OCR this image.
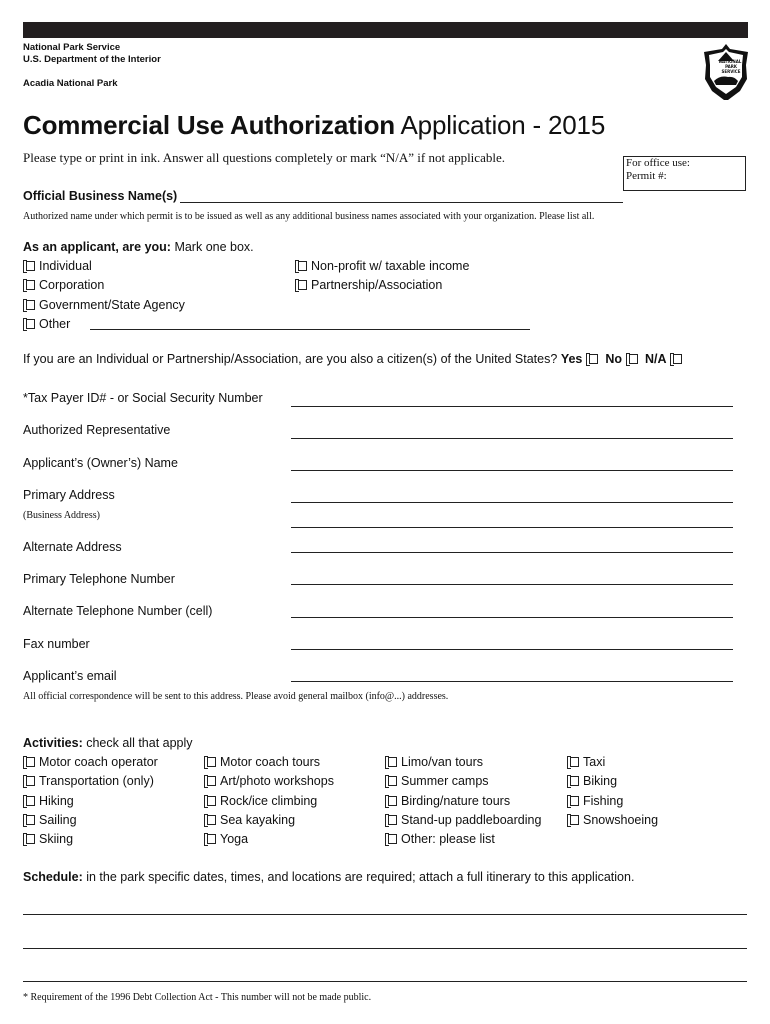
National Park Service
U.S. Department of the Interior
Acadia National Park
NATIONAL
PARK
SERVICE
Commercial Use Authorization Application - 2015
Please type or print in ink. Answer all questions completely or mark “N/A” if not applicable.	For office use:
Permit #:
Official Business Name(s)
Authorized name under which permit is to be issued as well as any additional business names associated with your organization. Please list all.
As an applicant, are you: Mark one box.
Individual
Corporation
Government/State Agency
Other
Non-profit w/ taxable income
Partnership/Association
If you are an Individual or Partnership/Association, are you also a citizen(s) of the United States? Yes No N/A
*Tax Payer ID# - or Social Security Number
Authorized Representative
Applicant’s (Owner’s) Name
Primary Address
(Business Address)
Alternate Address
Primary Telephone Number
Alternate Telephone Number (cell)
Fax number
Applicant’s email
All official correspondence will be sent to this address. Please avoid general mailbox (info@...) addresses.
Activities: check all that apply
Motor coach operator
Transportation (only)
Hiking
Sailing
Skiing
Motor coach tours
Art/photo workshops
Rock/ice climbing
Sea kayaking
Yoga
Limo/van tours
Summer camps
Birding/nature tours
Stand-up paddleboarding
Other: please list
Taxi
Biking
Fishing
Snowshoeing
Schedule: in the park specific dates, times, and locations are required; attach a full itinerary to this application.
* Requirement of the 1996 Debt Collection Act - This number will not be made public.
